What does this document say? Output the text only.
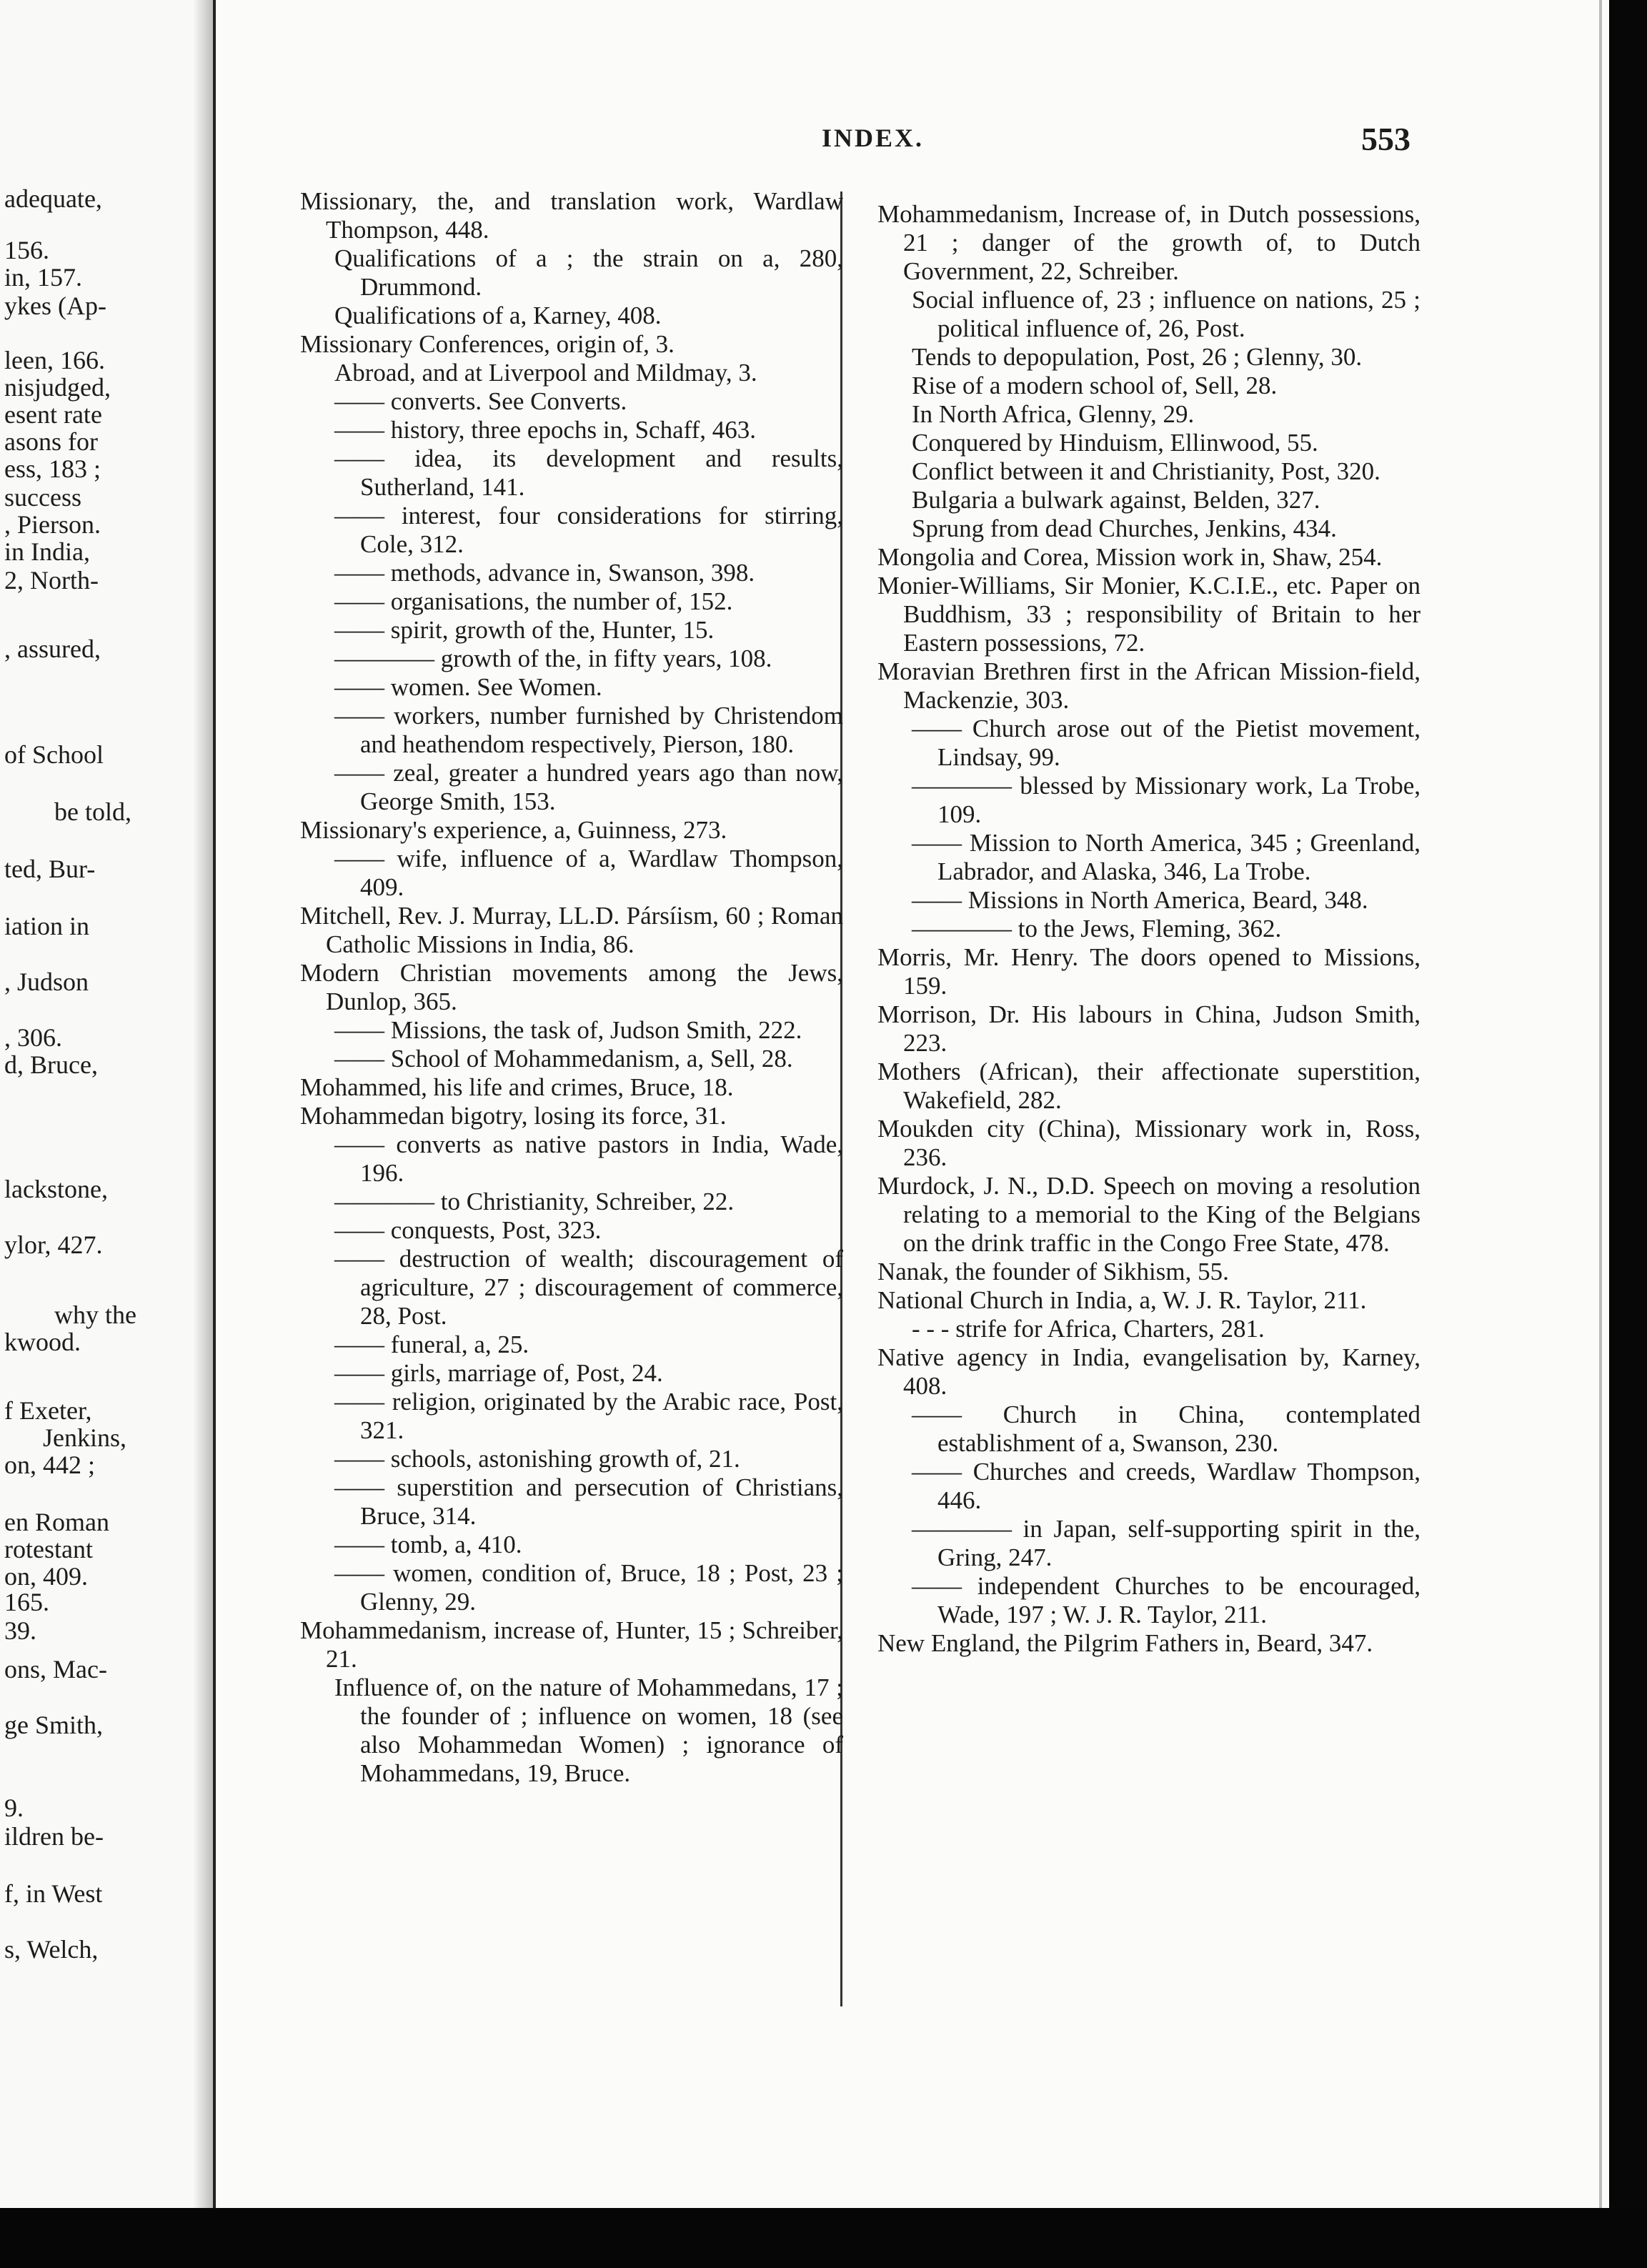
adequate,
156.
in, 157.
ykes (Ap-
leen, 166.
nisjudged,
esent rate
asons for
ess, 183 ;
success
, Pierson.
in India,
2, North-
, assured,
of School
be told,
ted, Bur-
iation in
, Judson
, 306.
d, Bruce,
lackstone,
ylor, 427.
why the
kwood.
f Exeter,
Jenkins,
on, 442 ;
en Roman
rotestant
on, 409.
165.
39.
ons, Mac-
ge Smith,
9.
ildren be-
f, in West
s, Welch,
INDEX.	553
Missionary, the, and translation work, Wardlaw Thompson, 448.
Qualifications of a ; the strain on a, 280, Drummond.
Qualifications of a, Karney, 408.
Missionary Conferences, origin of, 3.
Abroad, and at Liverpool and Mildmay, 3.
—— converts. See Converts.
—— history, three epochs in, Schaff, 463.
—— idea, its development and results, Sutherland, 141.
—— interest, four considerations for stirring, Cole, 312.
—— methods, advance in, Swanson, 398.
—— organisations, the number of, 152.
—— spirit, growth of the, Hunter, 15.
———— growth of the, in fifty years, 108.
—— women. See Women.
—— workers, number furnished by Christendom and heathendom respectively, Pierson, 180.
—— zeal, greater a hundred years ago than now, George Smith, 153.
Missionary's experience, a, Guinness, 273.
—— wife, influence of a, Wardlaw Thompson, 409.
Mitchell, Rev. J. Murray, LL.D. Pársíism, 60 ; Roman Catholic Missions in India, 86.
Modern Christian movements among the Jews, Dunlop, 365.
—— Missions, the task of, Judson Smith, 222.
—— School of Mohammedanism, a, Sell, 28.
Mohammed, his life and crimes, Bruce, 18.
Mohammedan bigotry, losing its force, 31.
—— converts as native pastors in India, Wade, 196.
———— to Christianity, Schreiber, 22.
—— conquests, Post, 323.
—— destruction of wealth; discouragement of agriculture, 27 ; discouragement of commerce, 28, Post.
—— funeral, a, 25.
—— girls, marriage of, Post, 24.
—— religion, originated by the Arabic race, Post, 321.
—— schools, astonishing growth of, 21.
—— superstition and persecution of Christians, Bruce, 314.
—— tomb, a, 410.
—— women, condition of, Bruce, 18 ; Post, 23 ; Glenny, 29.
Mohammedanism, increase of, Hunter, 15 ; Schreiber, 21.
Influence of, on the nature of Mohammedans, 17 ; the founder of ; influence on women, 18 (see also Mohammedan Women) ; ignorance of Mohammedans, 19, Bruce.
Mohammedanism, Increase of, in Dutch possessions, 21 ; danger of the growth of, to Dutch Government, 22, Schreiber.
Social influence of, 23 ; influence on nations, 25 ; political influence of, 26, Post.
Tends to depopulation, Post, 26 ; Glenny, 30.
Rise of a modern school of, Sell, 28.
In North Africa, Glenny, 29.
Conquered by Hinduism, Ellinwood, 55.
Conflict between it and Christianity, Post, 320.
Bulgaria a bulwark against, Belden, 327.
Sprung from dead Churches, Jenkins, 434.
Mongolia and Corea, Mission work in, Shaw, 254.
Monier-Williams, Sir Monier, K.C.I.E., etc. Paper on Buddhism, 33 ; responsibility of Britain to her Eastern possessions, 72.
Moravian Brethren first in the African Mission-field, Mackenzie, 303.
—— Church arose out of the Pietist movement, Lindsay, 99.
———— blessed by Missionary work, La Trobe, 109.
—— Mission to North America, 345 ; Greenland, Labrador, and Alaska, 346, La Trobe.
—— Missions in North America, Beard, 348.
———— to the Jews, Fleming, 362.
Morris, Mr. Henry. The doors opened to Missions, 159.
Morrison, Dr. His labours in China, Judson Smith, 223.
Mothers (African), their affectionate superstition, Wakefield, 282.
Moukden city (China), Missionary work in, Ross, 236.
Murdock, J. N., D.D. Speech on moving a resolution relating to a memorial to the King of the Belgians on the drink traffic in the Congo Free State, 478.
Nanak, the founder of Sikhism, 55.
National Church in India, a, W. J. R. Taylor, 211.
- - - strife for Africa, Charters, 281.
Native agency in India, evangelisation by, Karney, 408.
—— Church in China, contemplated establishment of a, Swanson, 230.
—— Churches and creeds, Wardlaw Thompson, 446.
———— in Japan, self-supporting spirit in the, Gring, 247.
—— independent Churches to be encouraged, Wade, 197 ; W. J. R. Taylor, 211.
New England, the Pilgrim Fathers in, Beard, 347.
